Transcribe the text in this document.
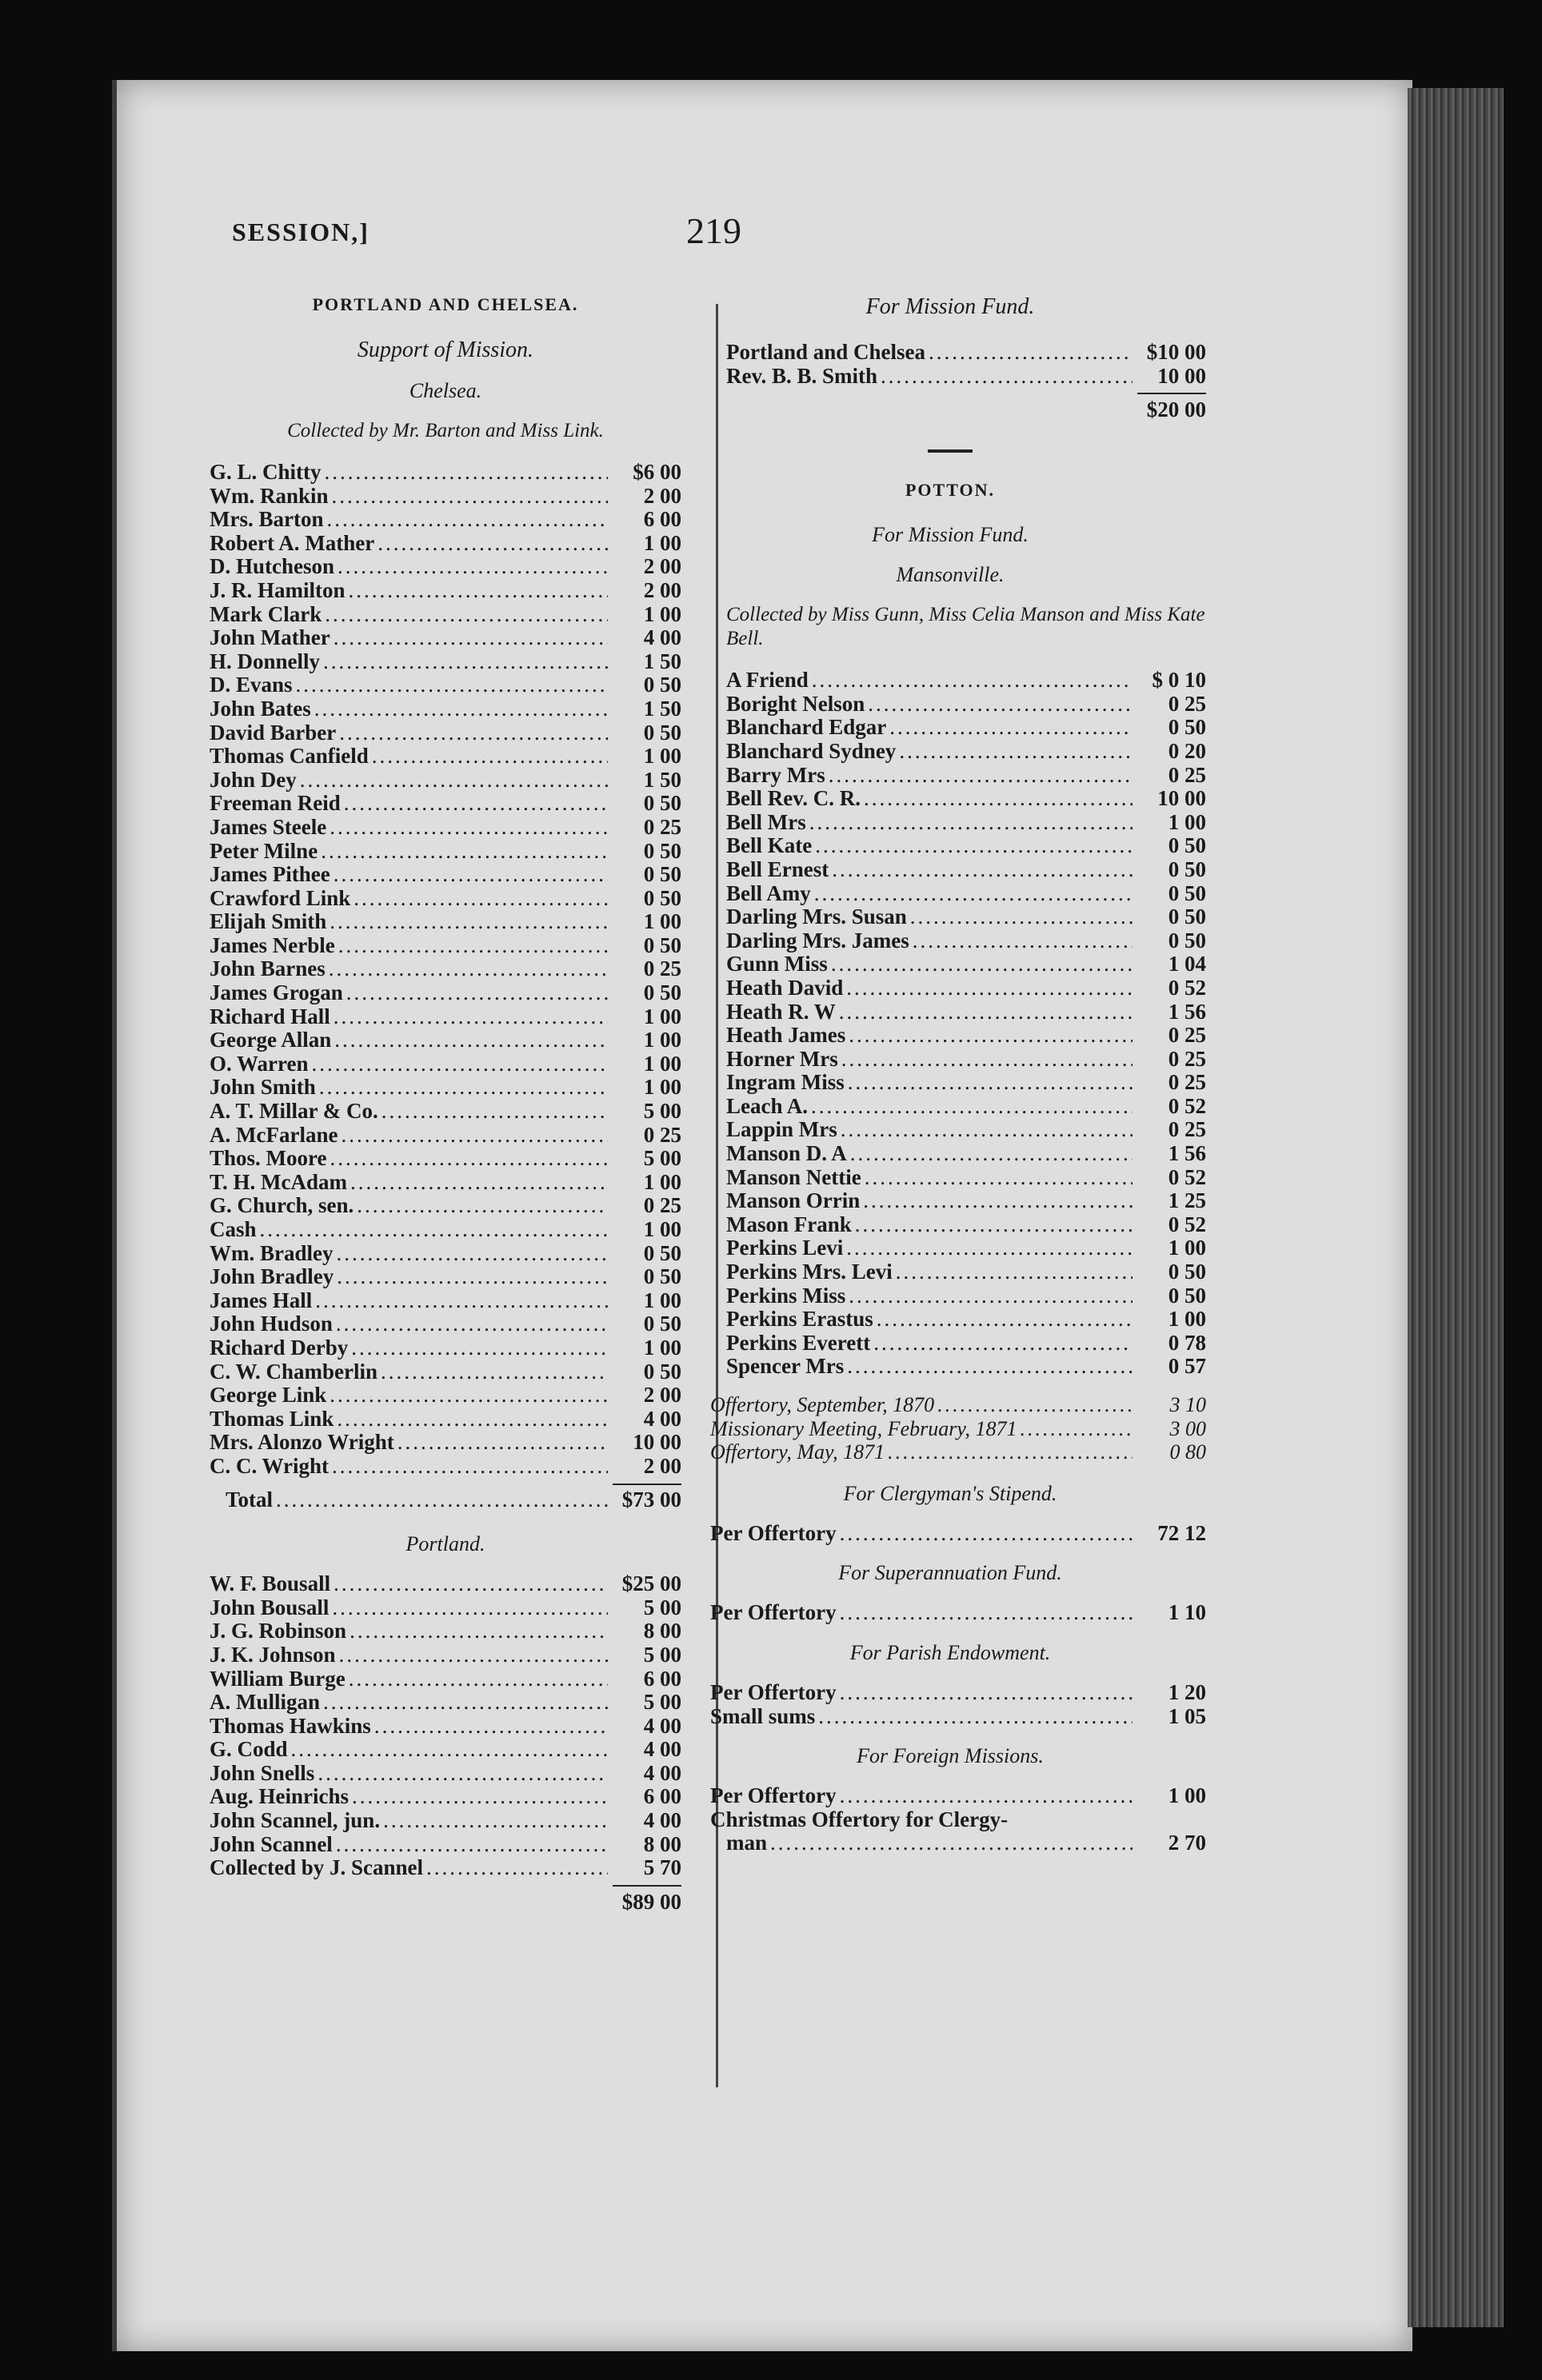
SESSION,]	219
PORTLAND AND CHELSEA.
Support of Mission.
Chelsea.
Collected by Mr. Barton and Miss Link.
G. L. Chitty .....	$6 00
Wm. Rankin .....	2 00
Mrs. Barton .....	6 00
Robert A. Mather .....	1 00
D. Hutcheson .....	2 00
J. R. Hamilton .....	2 00
Mark Clark .....	1 00
John Mather .....	4 00
H. Donnelly .....	1 50
D. Evans .....	0 50
John Bates .....	1 50
David Barber .....	0 50
Thomas Canfield .....	1 00
John Dey .....	1 50
Freeman Reid .....	0 50
James Steele .....	0 25
Peter Milne .....	0 50
James Pithee .....	0 50
Crawford Link .....	0 50
Elijah Smith .....	1 00
James Nerble .....	0 50
John Barnes .....	0 25
James Grogan .....	0 50
Richard Hall .....	1 00
George Allan .....	1 00
O. Warren .....	1 00
John Smith .....	1 00
A. T. Millar & Co. .....	5 00
A. McFarlane .....	0 25
Thos. Moore .....	5 00
T. H. McAdam .....	1 00
G. Church, sen. .....	0 25
Cash .....	1 00
Wm. Bradley .....	0 50
John Bradley .....	0 50
James Hall .....	1 00
John Hudson .....	0 50
Richard Derby .....	1 00
C. W. Chamberlin .....	0 50
George Link .....	2 00
Thomas Link .....	4 00
Mrs. Alonzo Wright .....	10 00
C. C. Wright .....	2 00
Total .....	$73 00
Portland.
W. F. Bousall .....	$25 00
John Bousall .....	5 00
J. G. Robinson .....	8 00
J. K. Johnson .....	5 00
William Burge .....	6 00
A. Mulligan .....	5 00
Thomas Hawkins .....	4 00
G. Codd .....	4 00
John Snells .....	4 00
Aug. Heinrichs .....	6 00
John Scannel, jun. .....	4 00
John Scannel .....	8 00
Collected by J. Scannel .....	5 70
$89 00
For Mission Fund.
Portland and Chelsea .....	$10 00
Rev. B. B. Smith .....	10 00
$20 00
POTTON.
For Mission Fund.
Mansonville.
Collected by Miss Gunn, Miss Celia Manson and Miss Kate Bell.
A Friend .....	$ 0 10
Boright Nelson .....	0 25
Blanchard Edgar .....	0 50
Blanchard Sydney .....	0 20
Barry Mrs .....	0 25
Bell Rev. C. R. .....	10 00
Bell Mrs .....	1 00
Bell Kate .....	0 50
Bell Ernest .....	0 50
Bell Amy .....	0 50
Darling Mrs. Susan .....	0 50
Darling Mrs. James .....	0 50
Gunn Miss .....	1 04
Heath David .....	0 52
Heath R. W .....	1 56
Heath James .....	0 25
Horner Mrs .....	0 25
Ingram Miss .....	0 25
Leach A. .....	0 52
Lappin Mrs .....	0 25
Manson D. A .....	1 56
Manson Nettie .....	0 52
Manson Orrin .....	1 25
Mason Frank .....	0 52
Perkins Levi .....	1 00
Perkins Mrs. Levi .....	0 50
Perkins Miss .....	0 50
Perkins Erastus .....	1 00
Perkins Everett .....	0 78
Spencer Mrs .....	0 57
Offertory, September, 1870 .....	3 10
Missionary Meeting, February, 1871 .....	3 00
Offertory, May, 1871 .....	0 80
For Clergyman's Stipend.
Per Offertory .....	72 12
For Superannuation Fund.
Per Offertory .....	1 10
For Parish Endowment.
Per Offertory .....	1 20
Small sums .....	1 05
For Foreign Missions.
Per Offertory .....	1 00
Christmas Offertory for Clergy-
man .....	2 70
